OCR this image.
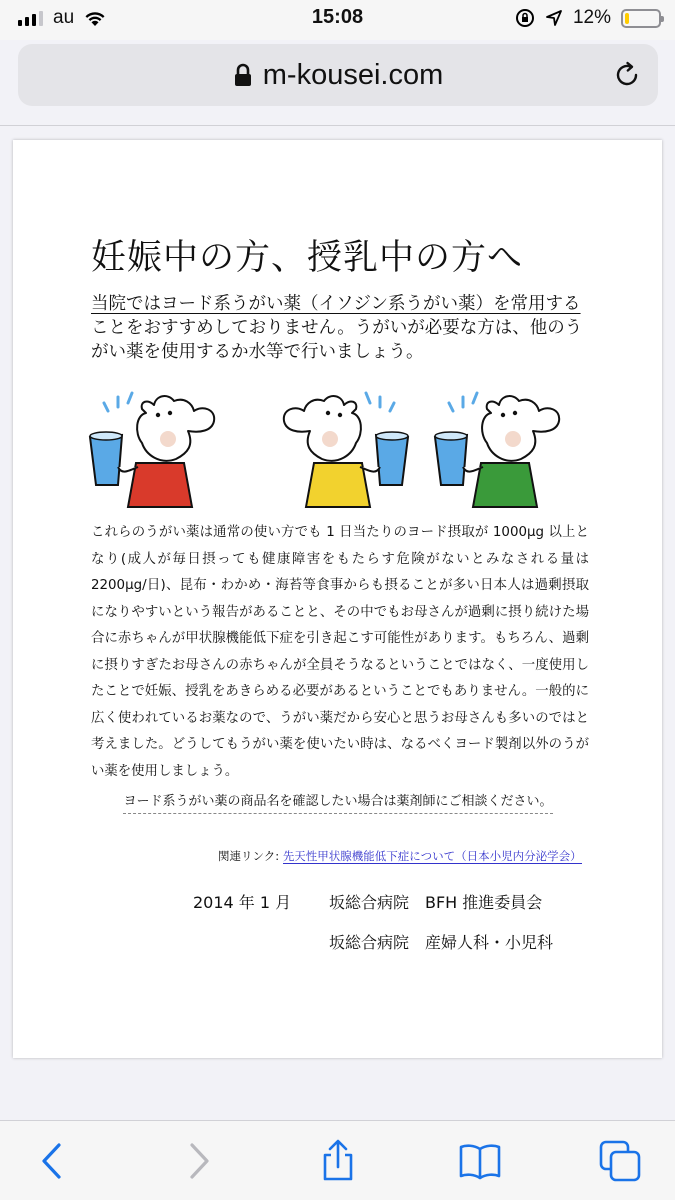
au	15:08	12%
m-kousei.com
妊娠中の方、授乳中の方へ
当院ではヨード系うがい薬（イソジン系うがい薬）を常用することをおすすめしておりません。うがいが必要な方は、他のうがい薬を使用するか水等で行いましょう。
これらのうがい薬は通常の使い方でも 1 日当たりのヨード摂取が 1000μg 以上となり(成人が毎日摂っても健康障害をもたらす危険がないとみなされる量は 2200μg/日)、昆布・わかめ・海苔等食事からも摂ることが多い日本人は過剰摂取になりやすいという報告があることと、その中でもお母さんが過剰に摂り続けた場合に赤ちゃんが甲状腺機能低下症を引き起こす可能性があります。もちろん、過剰に摂りすぎたお母さんの赤ちゃんが全員そうなるということではなく、一度使用したことで妊娠、授乳をあきらめる必要があるということでもありません。一般的に広く使われているお薬なので、うがい薬だから安心と思うお母さんも多いのではと考えました。どうしてもうがい薬を使いたい時は、なるべくヨード製剤以外のうがい薬を使用しましょう。
ヨード系うがい薬の商品名を確認したい場合は薬剤師にご相談ください。
関連リンク: 先天性甲状腺機能低下症について（日本小児内分泌学会）
2014 年 1 月 坂総合病院　BFH 推進委員会
坂総合病院　産婦人科・小児科
